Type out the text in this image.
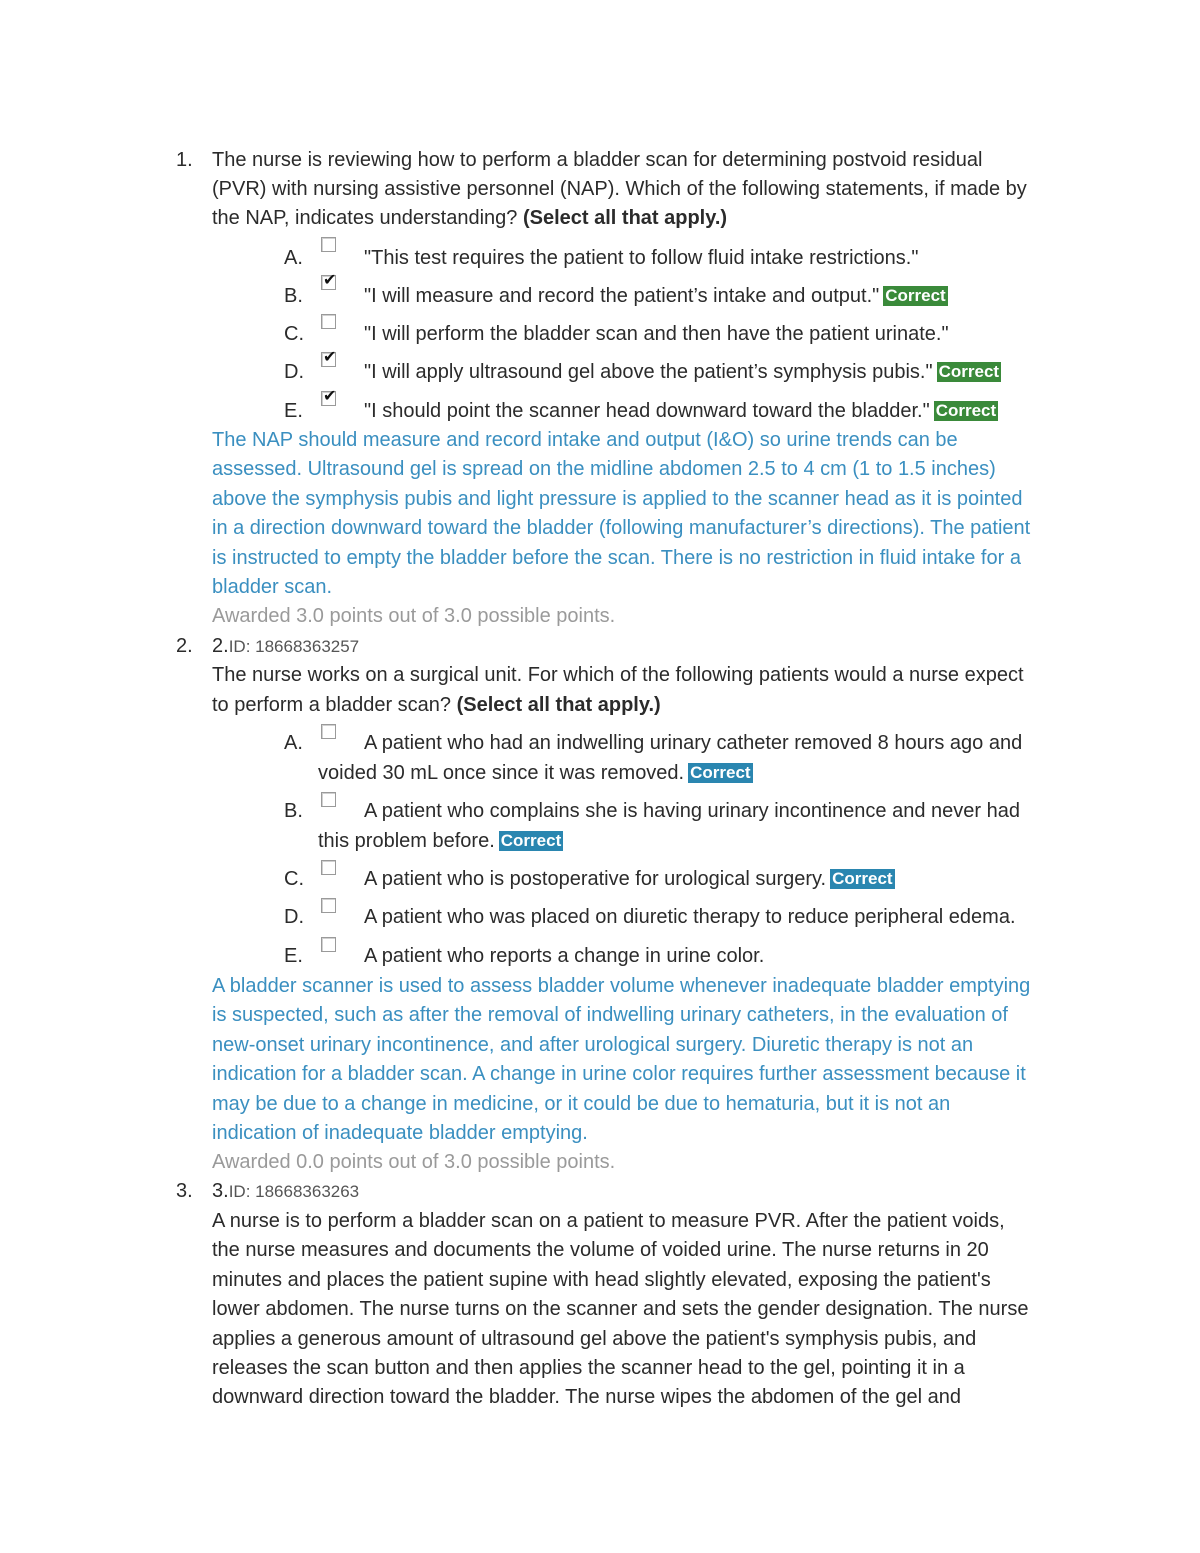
1. The nurse is reviewing how to perform a bladder scan for determining postvoid residual
(PVR) with nursing assistive personnel (NAP). Which of the following statements, if made by
the NAP, indicates understanding? (Select all that apply.)
A.	"This test requires the patient to follow fluid intake restrictions."
B.
✔
"I will measure and record the patient’s intake and output." Correct
C.	"I will perform the bladder scan and then have the patient urinate."
D.
✔
"I will apply ultrasound gel above the patient’s symphysis pubis." Correct
E.
✔
"I should point the scanner head downward toward the bladder." Correct
The NAP should measure and record intake and output (I&O) so urine trends can be
assessed. Ultrasound gel is spread on the midline abdomen 2.5 to 4 cm (1 to 1.5 inches)
above the symphysis pubis and light pressure is applied to the scanner head as it is pointed
in a direction downward toward the bladder (following manufacturer’s directions). The patient
is instructed to empty the bladder before the scan. There is no restriction in fluid intake for a
bladder scan.
Awarded 3.0 points out of 3.0 possible points.
2. 2.ID: 18668363257
The nurse works on a surgical unit. For which of the following patients would a nurse expect
to perform a bladder scan? (Select all that apply.)
A.	A patient who had an indwelling urinary catheter removed 8 hours ago and
voided 30 mL once since it was removed. Correct
B.	A patient who complains she is having urinary incontinence and never had
this problem before. Correct
C.	A patient who is postoperative for urological surgery. Correct
D.	A patient who was placed on diuretic therapy to reduce peripheral edema.
E.	A patient who reports a change in urine color.
A bladder scanner is used to assess bladder volume whenever inadequate bladder emptying
is suspected, such as after the removal of indwelling urinary catheters, in the evaluation of
new-onset urinary incontinence, and after urological surgery. Diuretic therapy is not an
indication for a bladder scan. A change in urine color requires further assessment because it
may be due to a change in medicine, or it could be due to hematuria, but it is not an
indication of inadequate bladder emptying.
Awarded 0.0 points out of 3.0 possible points.
3. 3.ID: 18668363263
A nurse is to perform a bladder scan on a patient to measure PVR. After the patient voids,
the nurse measures and documents the volume of voided urine. The nurse returns in 20
minutes and places the patient supine with head slightly elevated, exposing the patient's
lower abdomen. The nurse turns on the scanner and sets the gender designation. The nurse
applies a generous amount of ultrasound gel above the patient's symphysis pubis, and
releases the scan button and then applies the scanner head to the gel, pointing it in a
downward direction toward the bladder. The nurse wipes the abdomen of the gel and
